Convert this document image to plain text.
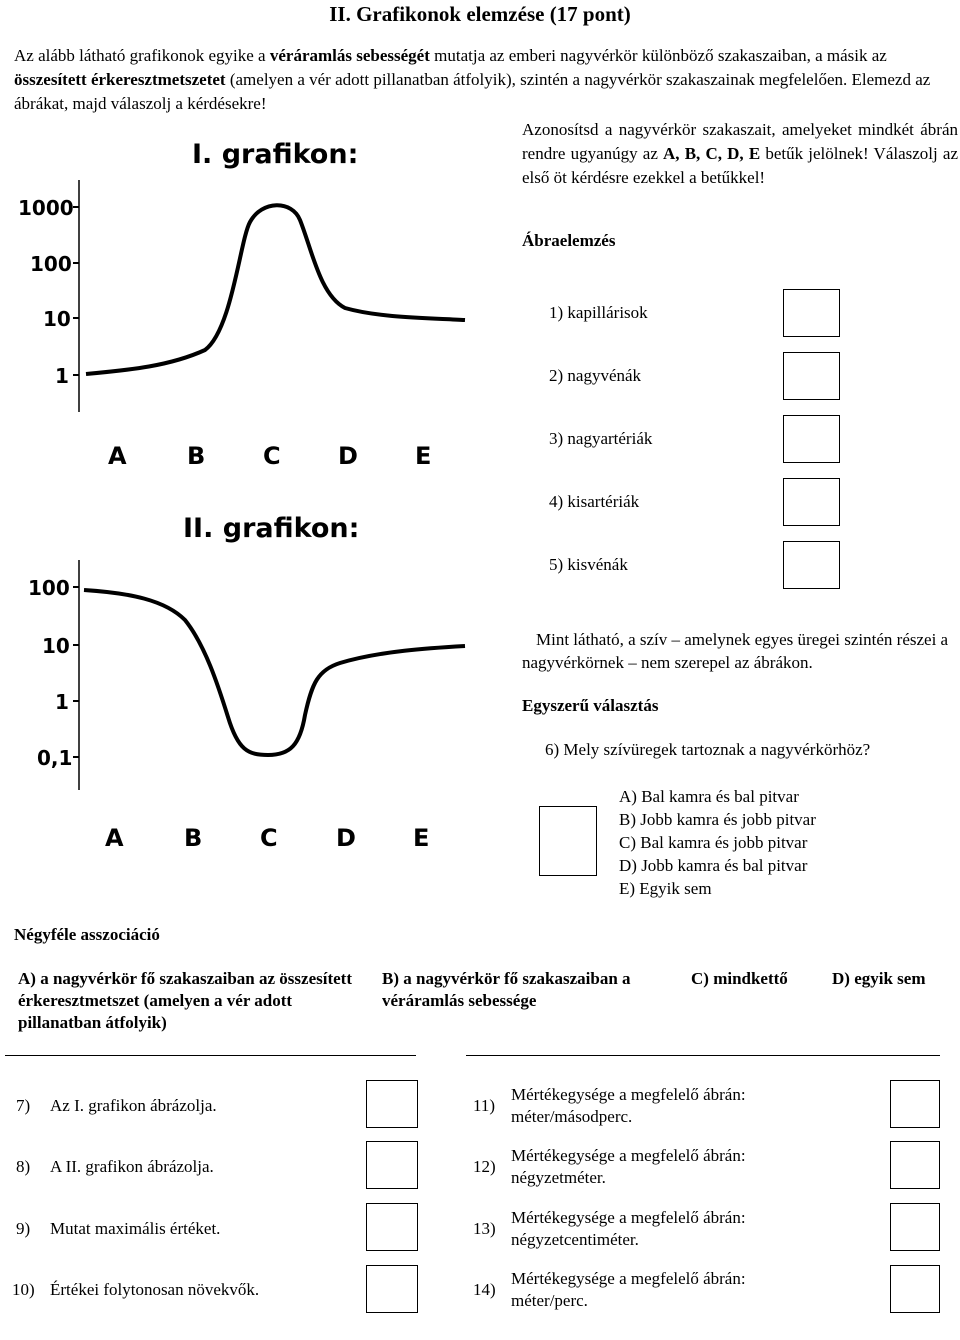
II. Grafikonok elemzése (17 pont)
Az alább látható grafikonok egyike a véráramlás sebességét mutatja az emberi nagyvérkör különböző szakaszaiban, a másik az összesített érkeresztmetszetet (amelyen a vér adott pillanatban átfolyik), szintén a nagyvérkör szakaszainak megfelelően. Elemezd az ábrákat, majd válaszolj a kérdésekre!
Azonosítsd a nagyvérkör szakaszait, amelyeket mindkét ábrán rendre ugyanúgy az A, B, C, D, E betűk jelölnek! Válaszolj az első öt kérdésre ezekkel a betűkkel!
I. grafikon:
1000
100
10
1
A	B C D E
II. grafikon:
100
10
1
0,1
A	B C D E
Ábraelemzés
1) kapillárisok
2) nagyvénák
3) nagyartériák
4) kisartériák
5) kisvénák
Mint látható, a szív – amelynek egyes üregei szintén részei a nagyvérkörnek – nem szerepel az ábrákon.
Egyszerű választás
6) Mely szívüregek tartoznak a nagyvérkörhöz?
A) Bal kamra és bal pitvar
B) Jobb kamra és jobb pitvar
C) Bal kamra és jobb pitvar
D) Jobb kamra és bal pitvar
E) Egyik sem
Négyféle asszociáció
A) a nagyvérkör fő szakaszaiban az összesített érkeresztmetszet (amelyen a vér adott pillanatban átfolyik)
B) a nagyvérkör fő szakaszaiban a véráramlás sebessége
C) mindkettő	D) egyik sem
7) Az I. grafikon ábrázolja.
8) A II. grafikon ábrázolja.
9) Mutat maximális értéket.
10) Értékei folytonosan növekvők.
11)
Mértékegysége a megfelelő ábrán:
méter/másodperc.
12)
Mértékegysége a megfelelő ábrán:
négyzetméter.
13)
Mértékegysége a megfelelő ábrán:
négyzetcentiméter.
14)
Mértékegysége a megfelelő ábrán:
méter/perc.
